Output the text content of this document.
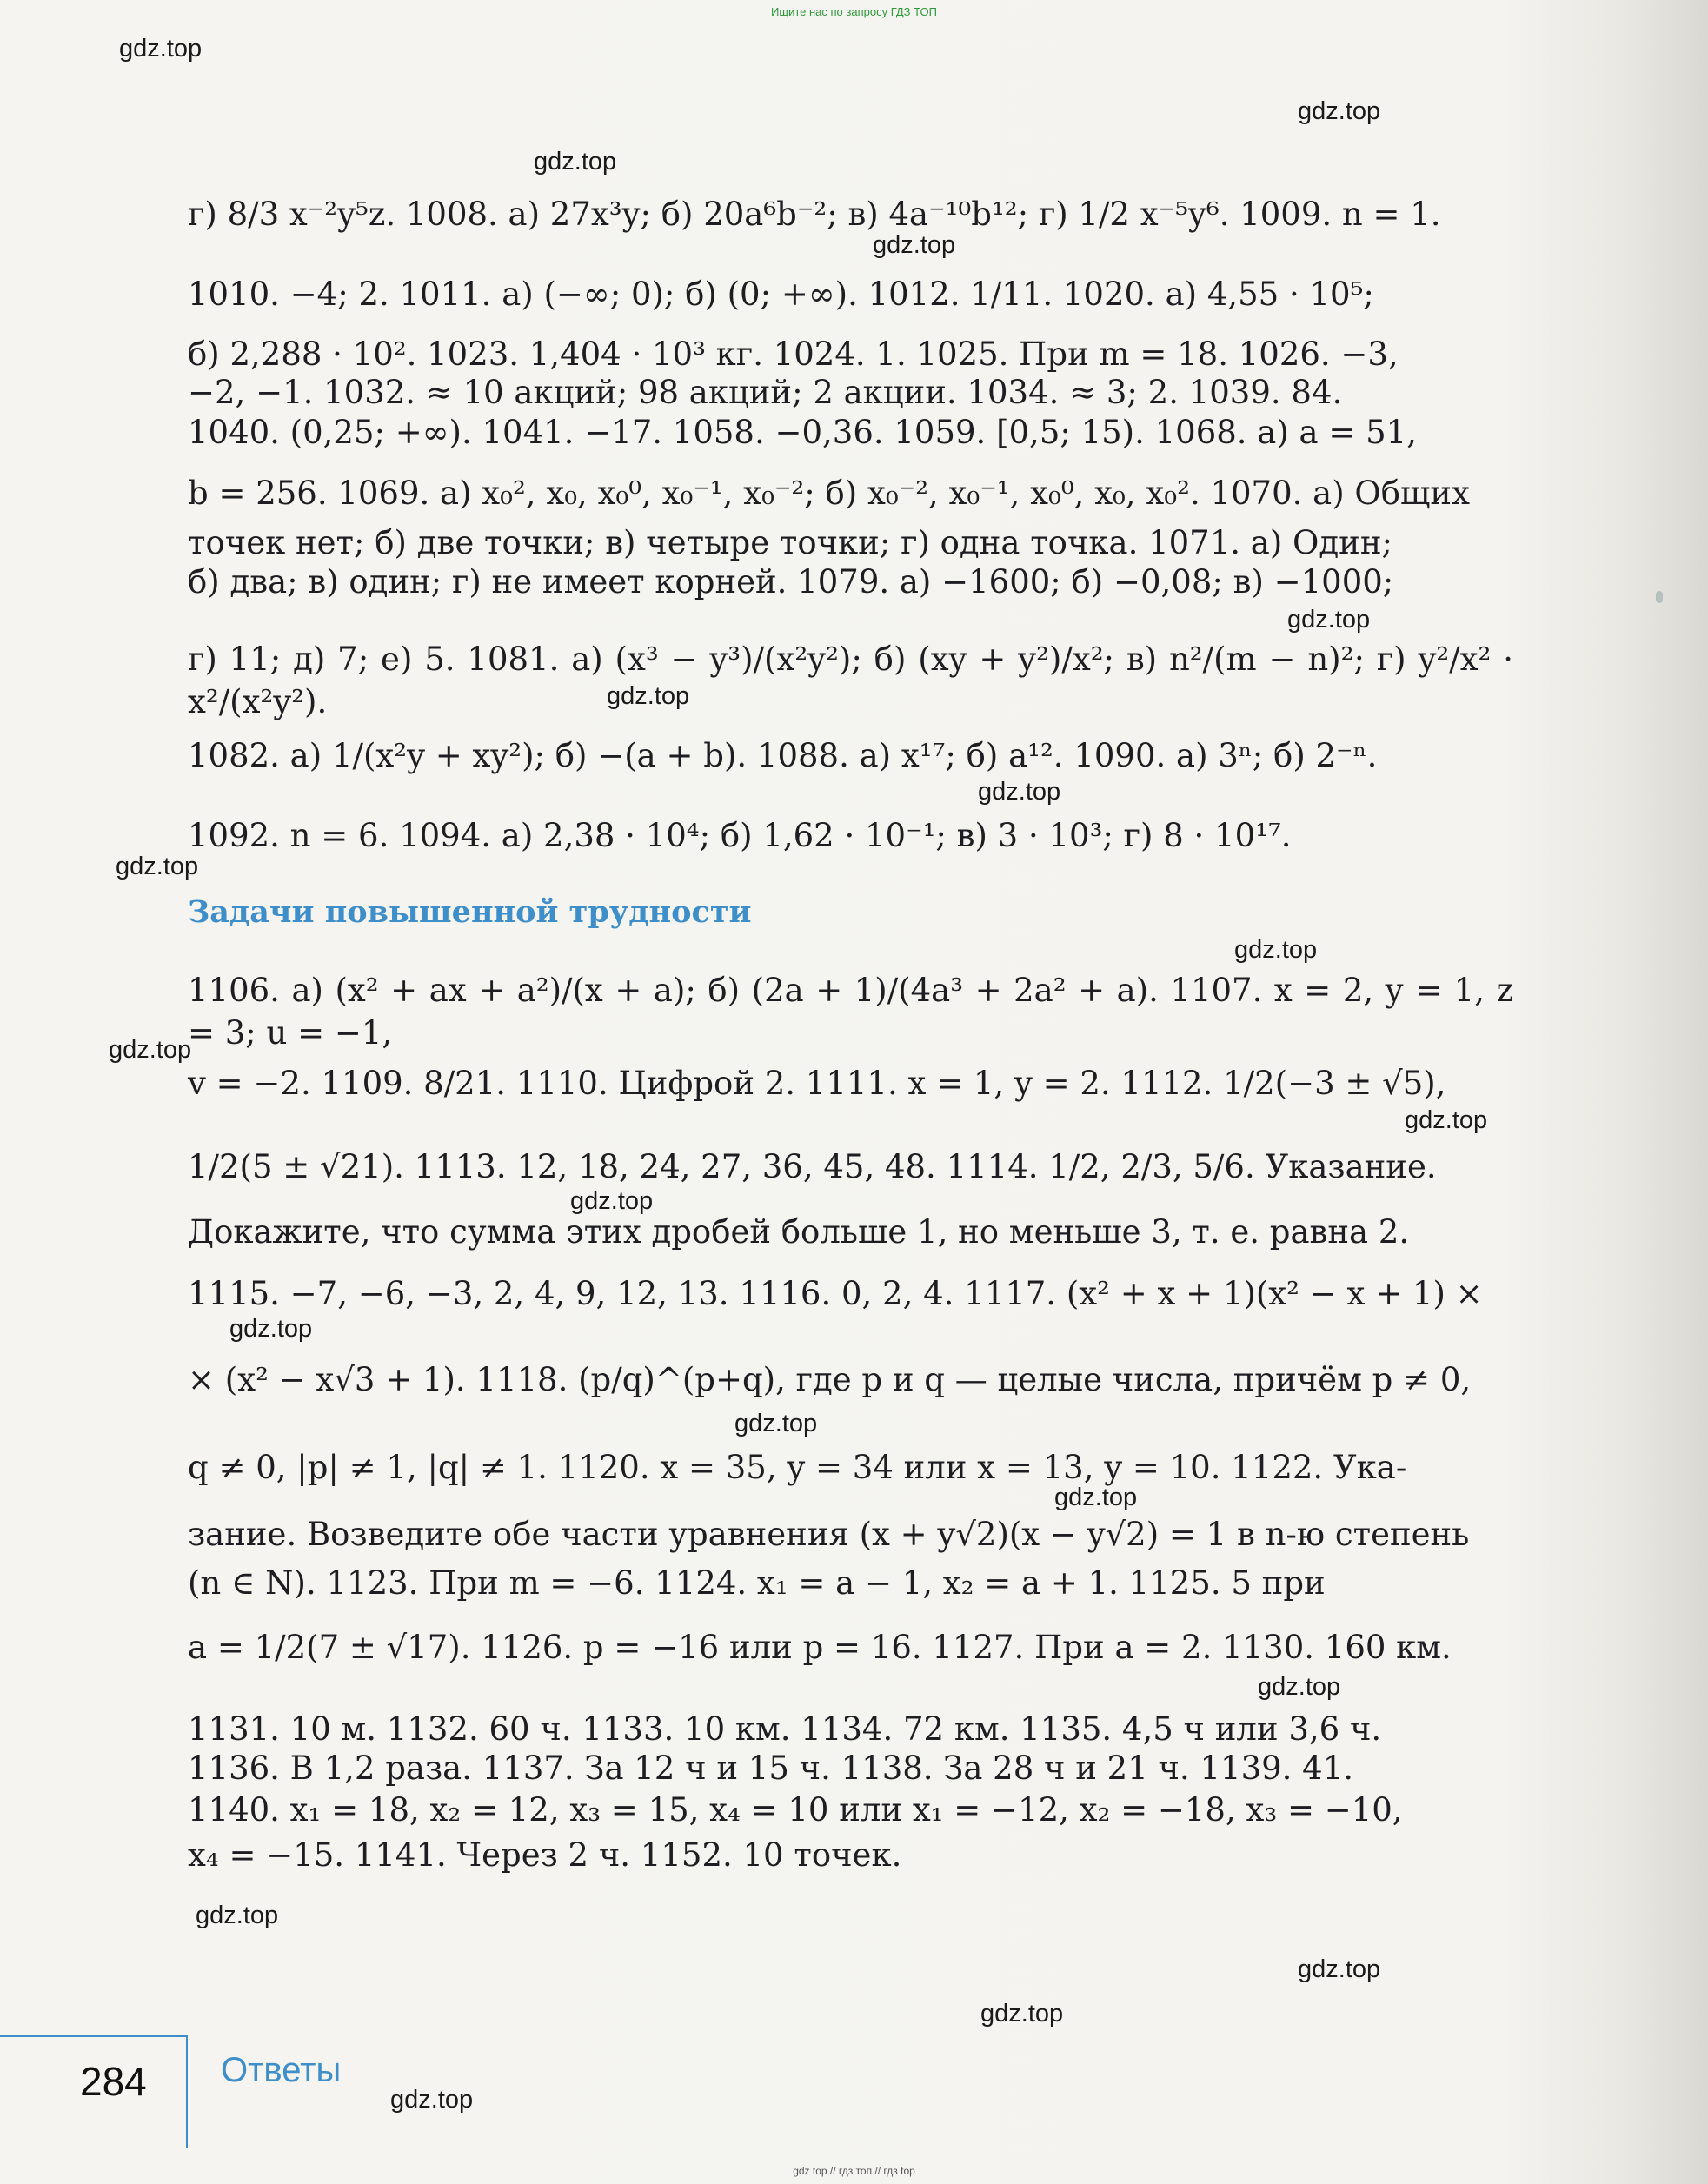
Ищите нас по запросу ГДЗ ТОП
gdz.top
gdz.top
gdz.top
gdz.top
gdz.top
gdz.top
gdz.top
gdz.top
gdz.top
gdz.top
gdz.top
gdz.top
gdz.top
gdz.top
gdz.top
gdz.top
gdz.top
gdz.top
gdz.top
gdz.top
г) 8/3 x⁻²y⁵z. 1008. а) 27x³y; б) 20a⁶b⁻²; в) 4a⁻¹⁰b¹²; г) 1/2 x⁻⁵y⁶. 1009. n = 1.
1010. −4; 2. 1011. а) (−∞; 0); б) (0; +∞). 1012. 1/11. 1020. а) 4,55 · 10⁵;
б) 2,288 · 10². 1023. 1,404 · 10³ кг. 1024. 1. 1025. При m = 18. 1026. −3,
−2, −1. 1032. ≈ 10 акций; 98 акций; 2 акции. 1034. ≈ 3; 2. 1039. 84.
1040. (0,25; +∞). 1041. −17. 1058. −0,36. 1059. [0,5; 15). 1068. а) a = 51,
b = 256. 1069. а) x₀², x₀, x₀⁰, x₀⁻¹, x₀⁻²; б) x₀⁻², x₀⁻¹, x₀⁰, x₀, x₀². 1070. а) Общих
точек нет; б) две точки; в) четыре точки; г) одна точка. 1071. а) Один;
б) два; в) один; г) не имеет корней. 1079. а) −1600; б) −0,08; в) −1000;
г) 11; д) 7; е) 5. 1081. а) (x³ − y³)/(x²y²); б) (xy + y²)/x²; в) n²/(m − n)²; г) y²/x² · x²/(x²y²).
1082. а) 1/(x²y + xy²); б) −(a + b). 1088. а) x¹⁷; б) a¹². 1090. а) 3ⁿ; б) 2⁻ⁿ.
1092. n = 6. 1094. а) 2,38 · 10⁴; б) 1,62 · 10⁻¹; в) 3 · 10³; г) 8 · 10¹⁷.
Задачи повышенной трудности
1106. а) (x² + ax + a²)/(x + a); б) (2a + 1)/(4a³ + 2a² + a). 1107. x = 2, y = 1, z = 3; u = −1,
v = −2. 1109. 8/21. 1110. Цифрой 2. 1111. x = 1, y = 2. 1112. 1/2(−3 ± √5),
1/2(5 ± √21). 1113. 12, 18, 24, 27, 36, 45, 48. 1114. 1/2, 2/3, 5/6. Указание.
Докажите, что сумма этих дробей больше 1, но меньше 3, т. е. равна 2.
1115. −7, −6, −3, 2, 4, 9, 12, 13. 1116. 0, 2, 4. 1117. (x² + x + 1)(x² − x + 1) ×
× (x² − x√3 + 1). 1118. (p/q)^(p+q), где p и q — целые числа, причём p ≠ 0,
q ≠ 0, |p| ≠ 1, |q| ≠ 1. 1120. x = 35, y = 34 или x = 13, y = 10. 1122. Ука-
зание. Возведите обе части уравнения (x + y√2)(x − y√2) = 1 в n-ю степень
(n ∈ N). 1123. При m = −6. 1124. x₁ = a − 1, x₂ = a + 1. 1125. 5 при
a = 1/2(7 ± √17). 1126. p = −16 или p = 16. 1127. При a = 2. 1130. 160 км.
1131. 10 м. 1132. 60 ч. 1133. 10 км. 1134. 72 км. 1135. 4,5 ч или 3,6 ч.
1136. В 1,2 раза. 1137. За 12 ч и 15 ч. 1138. За 28 ч и 21 ч. 1139. 41.
1140. x₁ = 18, x₂ = 12, x₃ = 15, x₄ = 10 или x₁ = −12, x₂ = −18, x₃ = −10,
x₄ = −15. 1141. Через 2 ч. 1152. 10 точек.
284 Ответы
gdz top // гдз топ // гдз top
